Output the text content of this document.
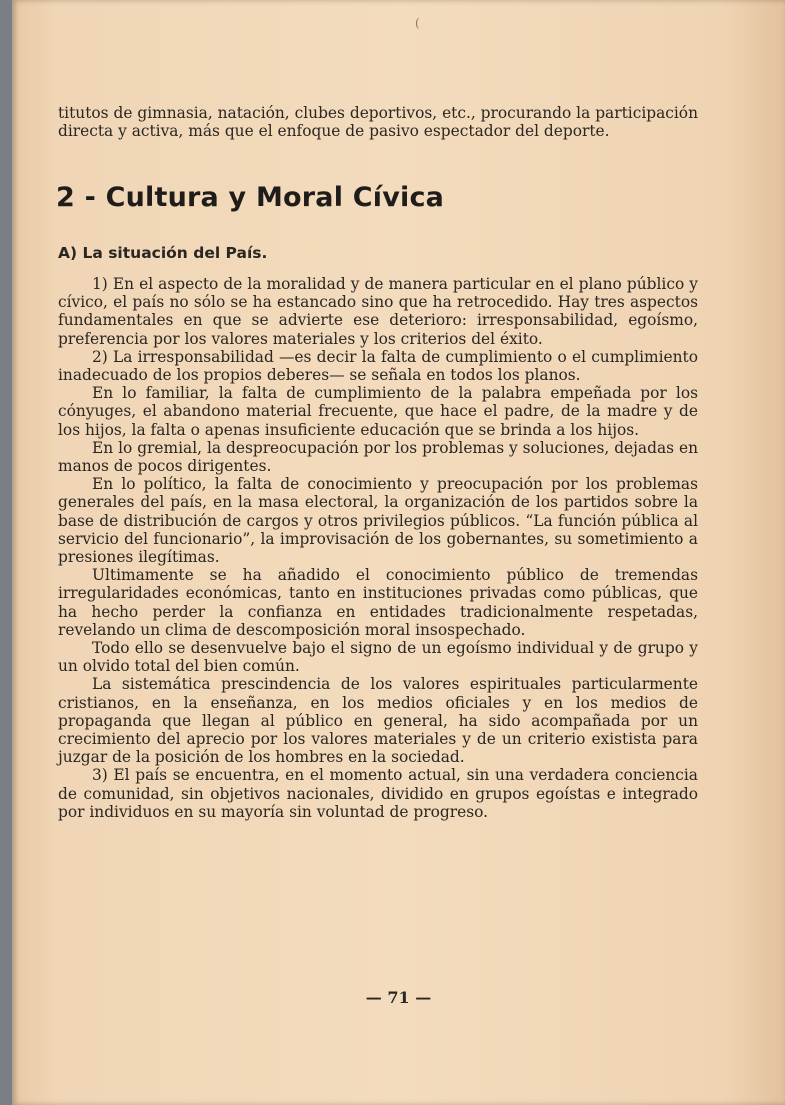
(

titutos de gimnasia, natación, clubes deportivos, etc., procurando la participación directa y activa, más que el enfoque de pasivo espectador del deporte.

2 - Cultura y Moral Cívica
A) La situación del País.

1) En el aspecto de la moralidad y de manera particular en el plano público y cívico, el país no sólo se ha estancado sino que ha retrocedido. Hay tres aspectos fundamentales en que se advierte ese deterioro: irresponsabilidad, egoísmo, preferencia por los valores materiales y los criterios del éxito.

2) La irresponsabilidad —es decir la falta de cumplimiento o el cumplimiento inadecuado de los propios deberes— se señala en todos los planos.

En lo familiar, la falta de cumplimiento de la palabra empeñada por los cónyuges, el abandono material frecuente, que hace el padre, de la madre y de los hijos, la falta o apenas insuficiente educación que se brinda a los hijos.

En lo gremial, la despreocupación por los problemas y soluciones, dejadas en manos de pocos dirigentes.

En lo político, la falta de conocimiento y preocupación por los problemas generales del país, en la masa electoral, la organización de los partidos sobre la base de distribución de cargos y otros privilegios públicos. “La función pública al servicio del funcionario”, la improvisación de los gobernantes, su sometimiento a presiones ilegítimas.

Ultimamente se ha añadido el conocimiento público de tremendas irregularidades económicas, tanto en instituciones privadas como públicas, que ha hecho perder la confianza en entidades tradicionalmente respetadas, revelando un clima de descomposición moral insospechado.

Todo ello se desenvuelve bajo el signo de un egoísmo individual y de grupo y un olvido total del bien común.

La sistemática prescindencia de los valores espirituales particularmente cristianos, en la enseñanza, en los medios oficiales y en los medios de propaganda que llegan al público en general, ha sido acompañada por un crecimiento del aprecio por los valores materiales y de un criterio existista para juzgar de la posición de los hombres en la sociedad.

3) El país se encuentra, en el momento actual, sin una verdadera conciencia de comunidad, sin objetivos nacionales, dividido en grupos egoístas e integrado por individuos en su mayoría sin voluntad de progreso.

— 71 —
